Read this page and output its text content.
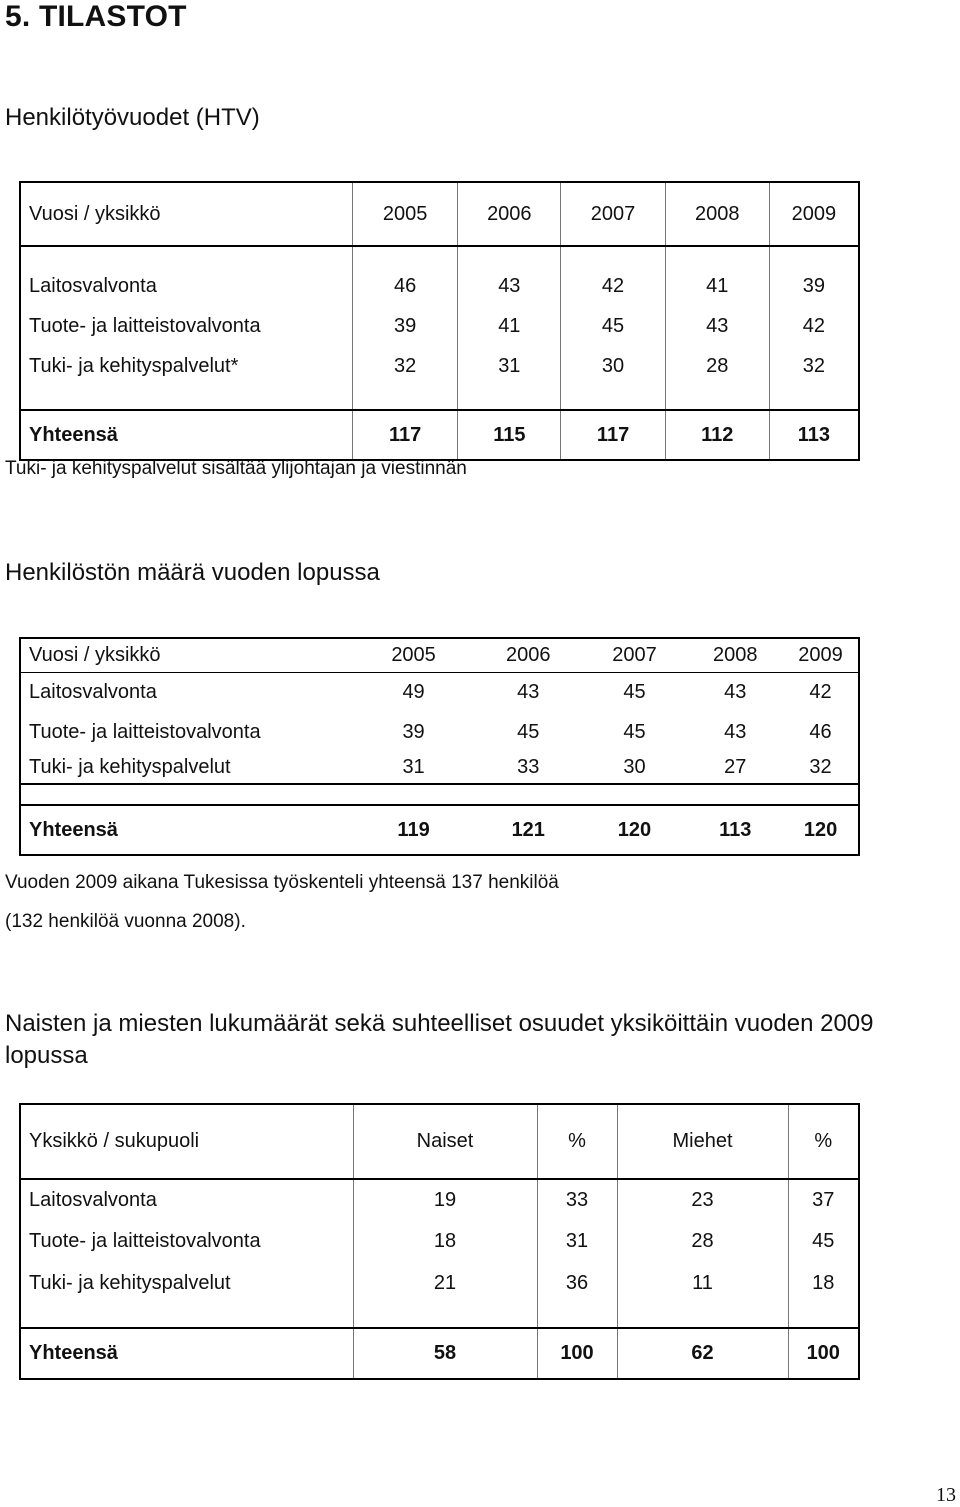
5. TILASTOT
Henkilötyövuodet (HTV)
Vuosi / yksikkö	2005	2006	2007	2008	2009

Laitosvalvonta	46	43	42	41	39
Tuote- ja laitteistovalvonta	39	41	45	43	42
Tuki- ja kehityspalvelut*	32	31	30	28	32

Yhteensä	117	115	117	112	113
Tuki- ja kehityspalvelut sisältää ylijohtajan ja viestinnän
Henkilöstön määrä vuoden lopussa
Vuosi / yksikkö	2005	2006	2007	2008	2009
Laitosvalvonta	49	43	45	43	42
Tuote- ja laitteistovalvonta	39	45	45	43	46
Tuki- ja kehityspalvelut	31	33	30	27	32

Yhteensä	119	121	120	113	120
Vuoden 2009 aikana Tukesissa työskenteli yhteensä 137 henkilöä
(132 henkilöä vuonna 2008).
Naisten ja miesten lukumäärät sekä suhteelliset osuudet yksiköittäin vuoden 2009 lopussa
Yksikkö / sukupuoli	Naiset	%	Miehet	%
Laitosvalvonta	19	33	23	37
Tuote- ja laitteistovalvonta	18	31	28	45
Tuki- ja kehityspalvelut	21	36	11	18

Yhteensä	58	100	62	100
13
